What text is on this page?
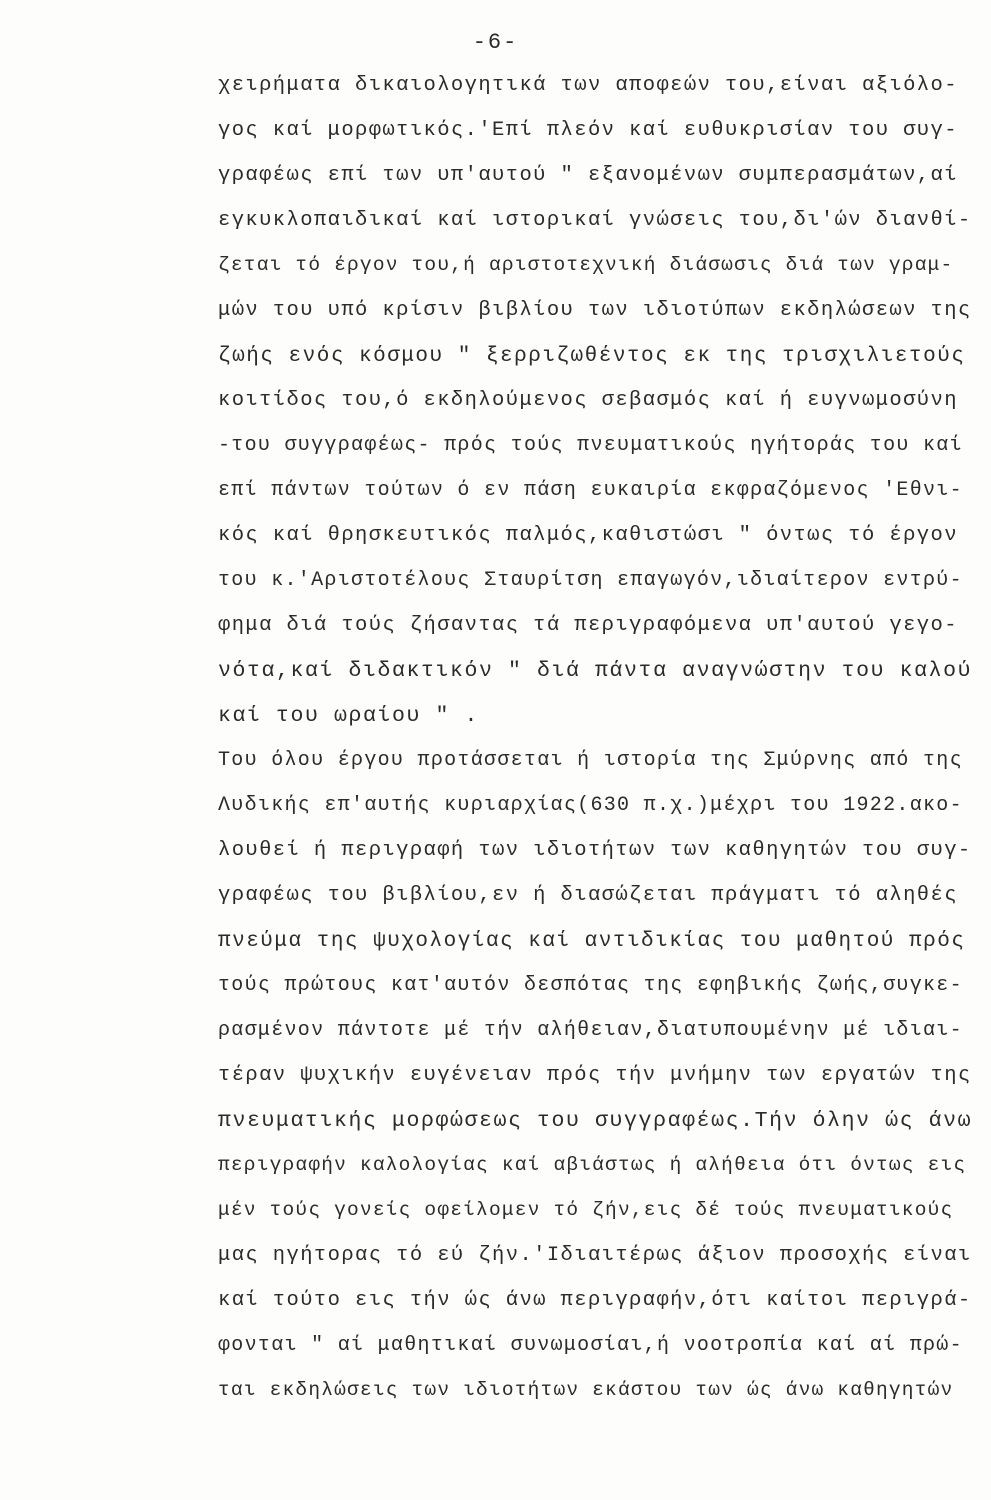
-6-
χειρήματα δικαιολογητικά των αποφεών του,είναι αξιόλο-
γος καί μορφωτικός.'Επί πλεόν καί ευθυκρισίαν του συγ-
γραφέως επί των υπ'αυτού " εξανομένων συμπερασμάτων,αί
εγκυκλοπαιδικαί καί ιστορικαί γνώσεις του,δι'ών διανθί-
ζεται τό έργον του,ή αριστοτεχνική διάσωσις διά των γραμ-
μών του υπό κρίσιν βιβλίου των ιδιοτύπων εκδηλώσεων της
ζωής ενός κόσμου " ξερριζωθέντος εκ της τρισχιλιετούς
κοιτίδος του,ό εκδηλούμενος σεβασμός καί ή ευγνωμοσύνη
-του συγγραφέως- πρός τούς πνευματικούς ηγήτοράς του καί
επί πάντων τούτων ό εν πάση ευκαιρία εκφραζόμενος 'Εθνι-
κός καί θρησκευτικός παλμός,καθιστώσι " όντως τό έργον
του κ.'Αριστοτέλους Σταυρίτση επαγωγόν,ιδιαίτερον εντρύ-
φημα διά τούς ζήσαντας τά περιγραφόμενα υπ'αυτού γεγο-
νότα,καί διδακτικόν " διά πάντα αναγνώστην του καλού
καί του ωραίου " .
Του όλου έργου προτάσσεται ή ιστορία της Σμύρνης από της
Λυδικής επ'αυτής κυριαρχίας(630 π.χ.)μέχρι του 1922.ακο-
λουθεί ή περιγραφή των ιδιοτήτων των καθηγητών του συγ-
γραφέως του βιβλίου,εν ή διασώζεται πράγματι τό αληθές
πνεύμα της ψυχολογίας καί αντιδικίας του μαθητού πρός
τούς πρώτους κατ'αυτόν δεσπότας της εφηβικής ζωής,συγκε-
ρασμένον πάντοτε μέ τήν αλήθειαν,διατυπουμένην μέ ιδιαι-
τέραν ψυχικήν ευγένειαν πρός τήν μνήμην των εργατών της
πνευματικής μορφώσεως του συγγραφέως.Τήν όλην ώς άνω
περιγραφήν καλολογίας καί αβιάστως ή αλήθεια ότι όντως εις
μέν τούς γονείς οφείλομεν τό ζήν,εις δέ τούς πνευματικούς
μας ηγήτορας τό εύ ζήν.'Ιδιαιτέρως άξιον προσοχής είναι
καί τούτο εις τήν ώς άνω περιγραφήν,ότι καίτοι περιγρά-
φονται " αί μαθητικαί συνωμοσίαι,ή νοοτροπία καί αί πρώ-
ται εκδηλώσεις των ιδιοτήτων εκάστου των ώς άνω καθηγητών
